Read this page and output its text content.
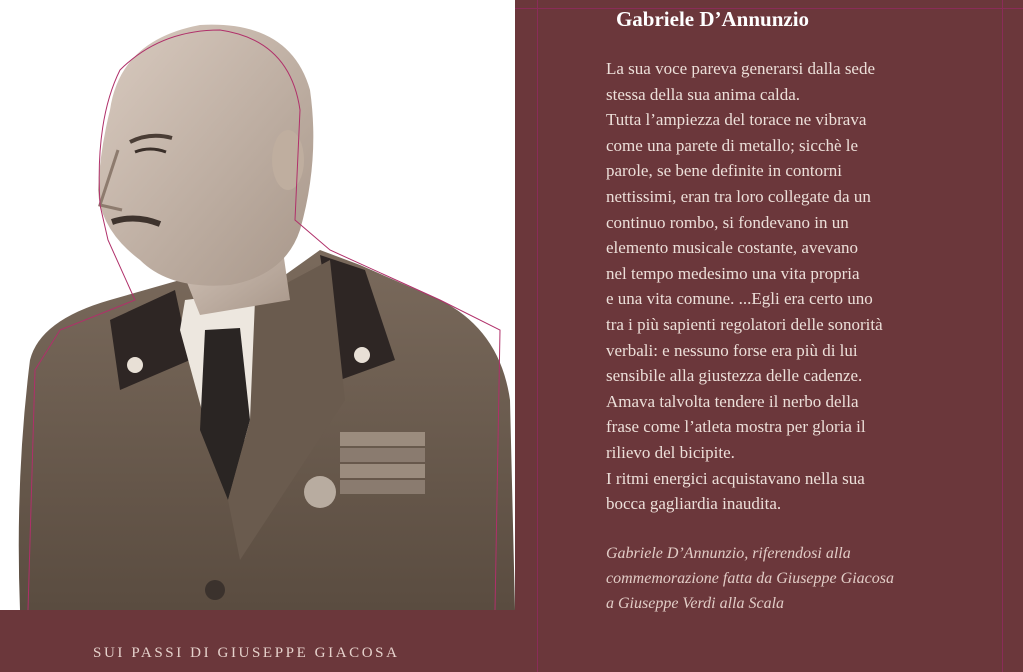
SUI PASSI DI GIUSEPPE GIACOSA
Gabriele D’Annunzio
La sua voce pareva generarsi dalla sede
stessa della sua anima calda.
Tutta l’ampiezza del torace ne vibrava
come una parete di metallo; sicchè le
parole, se bene definite in contorni
nettissimi, eran tra loro collegate da un
continuo rombo, si fondevano in un
elemento musicale costante, avevano
nel tempo medesimo una vita propria
e una vita comune. ...Egli era certo uno
tra i più sapienti regolatori delle sonorità
verbali: e nessuno forse era più di lui
sensibile alla giustezza delle cadenze.
Amava talvolta tendere il nerbo della
frase come l’atleta mostra per gloria il
rilievo del bicipite.
I ritmi energici acquistavano nella sua
bocca gagliardia inaudita.
Gabriele D’Annunzio, riferendosi alla
commemorazione fatta da Giuseppe Giacosa
a Giuseppe Verdi alla Scala
